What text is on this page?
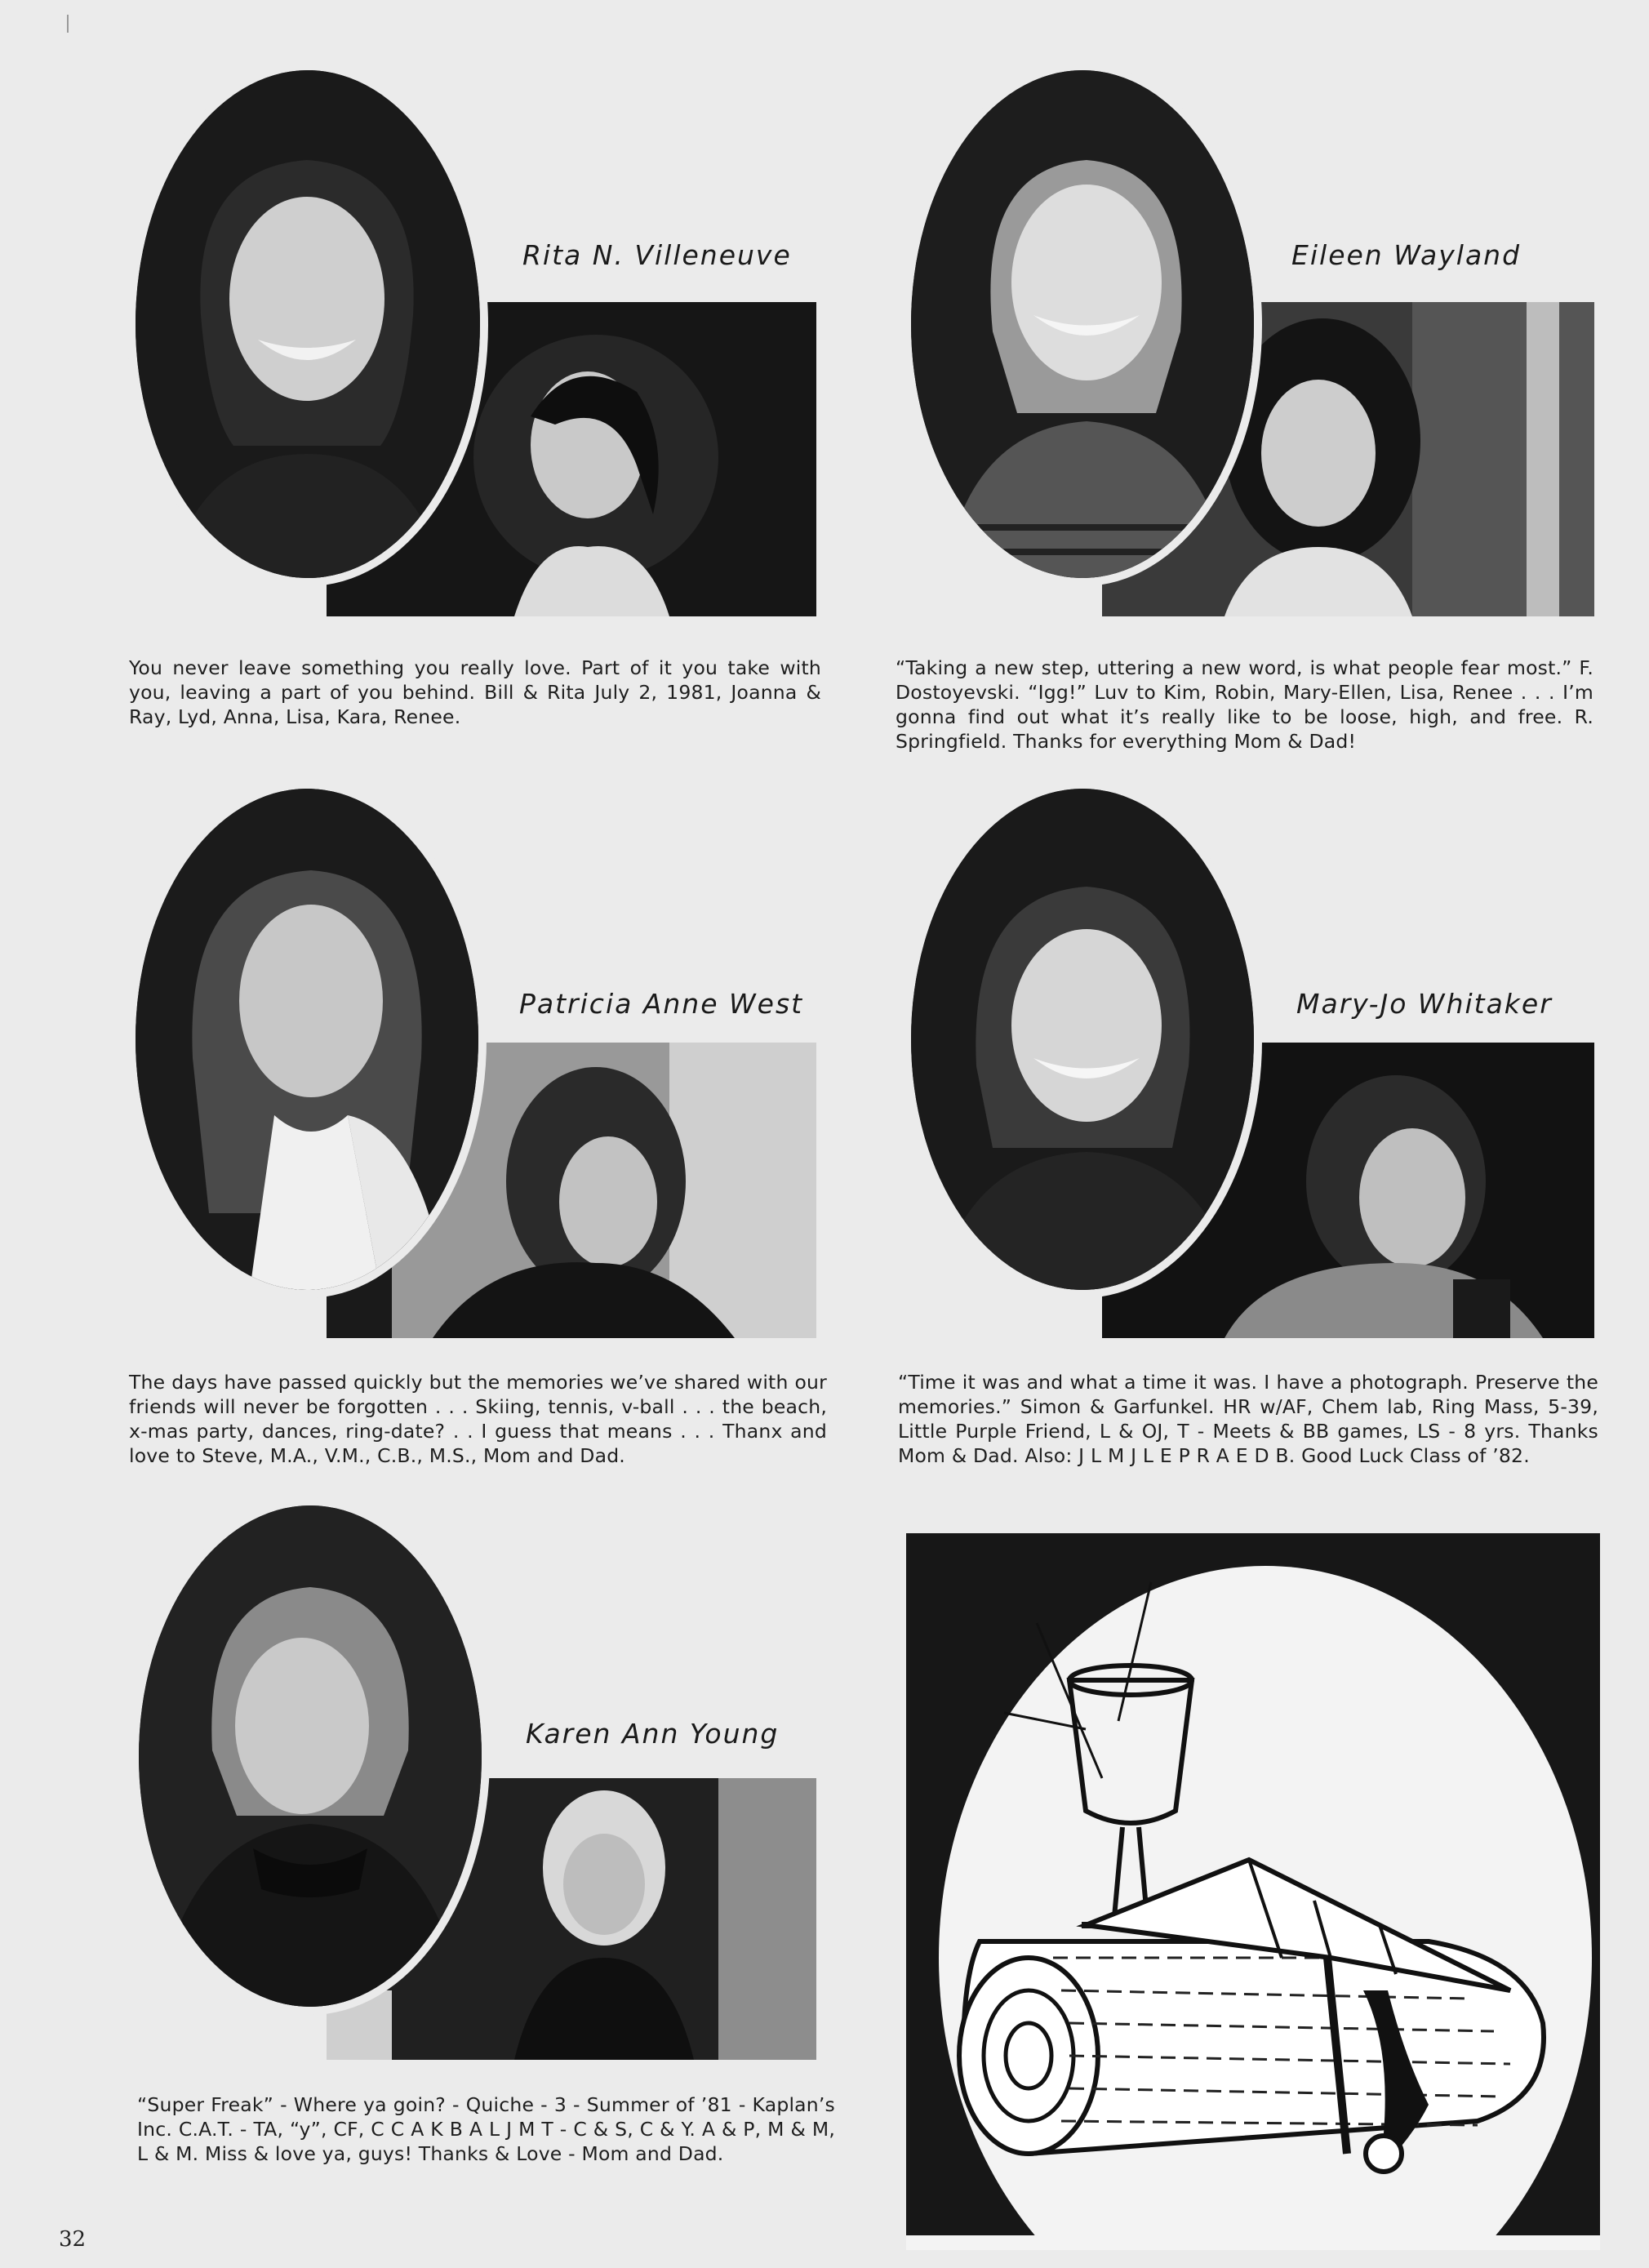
Rita N. Villeneuve
You never leave something you really love. Part of it you take with you, leaving a part of you behind. Bill & Rita July 2, 1981, Joanna & Ray, Lyd, Anna, Lisa, Kara, Renee.
Eileen Wayland
“Taking a new step, uttering a new word, is what people fear most.” F. Dostoyevski. “Igg!” Luv to Kim, Robin, Mary-Ellen, Lisa, Renee . . . I’m gonna find out what it’s really like to be loose, high, and free. R. Springfield. Thanks for everything Mom & Dad!
Patricia Anne West
The days have passed quickly but the memories we’ve shared with our friends will never be forgotten . . . Skiing, tennis, v-ball . . . the beach, x-mas party, dances, ring-date? . . I guess that means . . . Thanx and love to Steve, M.A., V.M., C.B., M.S., Mom and Dad.
Mary-Jo Whitaker
“Time it was and what a time it was. I have a photograph. Preserve the memories.” Simon & Garfunkel. HR w/AF, Chem lab, Ring Mass, 5-39, Little Purple Friend, L & OJ, T - Meets & BB games, LS - 8 yrs. Thanks Mom & Dad. Also: J L M J L E P R A E D B. Good Luck Class of ’82.
Karen Ann Young
“Super Freak” - Where ya goin? - Quiche - 3 - Summer of ’81 - Kaplan’s Inc. C.A.T. - TA, “y”, CF, C C A K B A L J M T - C & S, C & Y. A & P, M & M, L & M. Miss & love ya, guys! Thanks & Love - Mom and Dad.
32
